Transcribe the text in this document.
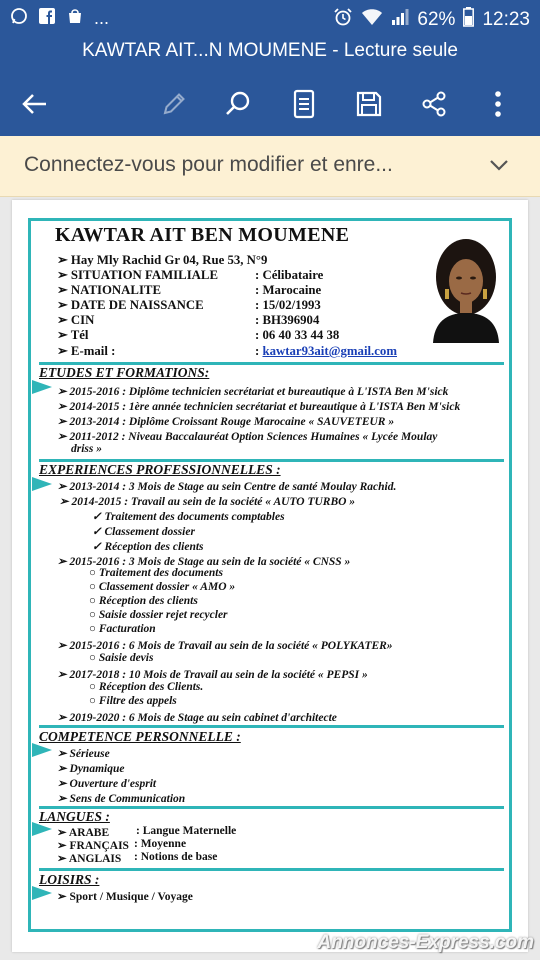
...	62% 12:23
KAWTAR AIT...N MOUMENE - Lecture seule
Connectez-vous pour modifier et enre...
KAWTAR AIT BEN MOUMENE
➢ Hay Mly Rachid Gr 04, Rue 53, N°9
➢ SITUATION FAMILIALE	: Célibataire
➢ NATIONALITE	: Marocaine
➢ DATE DE NAISSANCE	: 15/02/1993
➢ CIN	: BH396904
➢ Tél	: 06 40 33 44 38
➢ E-mail :	: kawtar93ait@gmail.com
ETUDES ET FORMATIONS:
➢ 2015-2016 : Diplôme technicien secrétariat et bureautique à L'ISTA Ben M'sick
➢ 2014-2015 : 1ère année technicien secrétariat et bureautique à L'ISTA Ben M'sick
➢ 2013-2014 : Diplôme Croissant Rouge Marocaine « SAUVETEUR »
➢ 2011-2012 : Niveau Baccalauréat Option Sciences Humaines « Lycée Moulay
driss »
EXPERIENCES PROFESSIONNELLES :
➢ 2013-2014 : 3 Mois de Stage au sein Centre de santé Moulay Rachid.
➢ 2014-2015 : Travail au sein de la société « AUTO TURBO »
✓ Traitement des documents comptables
✓ Classement dossier
✓ Réception des clients
➢ 2015-2016 : 3 Mois de Stage au sein de la société « CNSS »
○ Traitement des documents
○ Classement dossier « AMO »
○ Réception des clients
○ Saisie dossier rejet recycler
○ Facturation
➢ 2015-2016 : 6 Mois de Travail au sein de la société « POLYKATER»
○ Saisie devis
➢ 2017-2018 : 10 Mois de Travail au sein de la société « PEPSI »
○ Réception des Clients.
○ Filtre des appels
➢ 2019-2020 : 6 Mois de Stage au sein cabinet d'architecte
COMPETENCE PERSONNELLE :
➢ Sérieuse
➢ Dynamique
➢ Ouverture d'esprit
➢ Sens de Communication
LANGUES :
➢ ARABE : Langue Maternelle
➢ FRANÇAIS : Moyenne
➢ ANGLAIS : Notions de base
LOISIRS :
➢ Sport / Musique / Voyage
Annonces-Express.com
